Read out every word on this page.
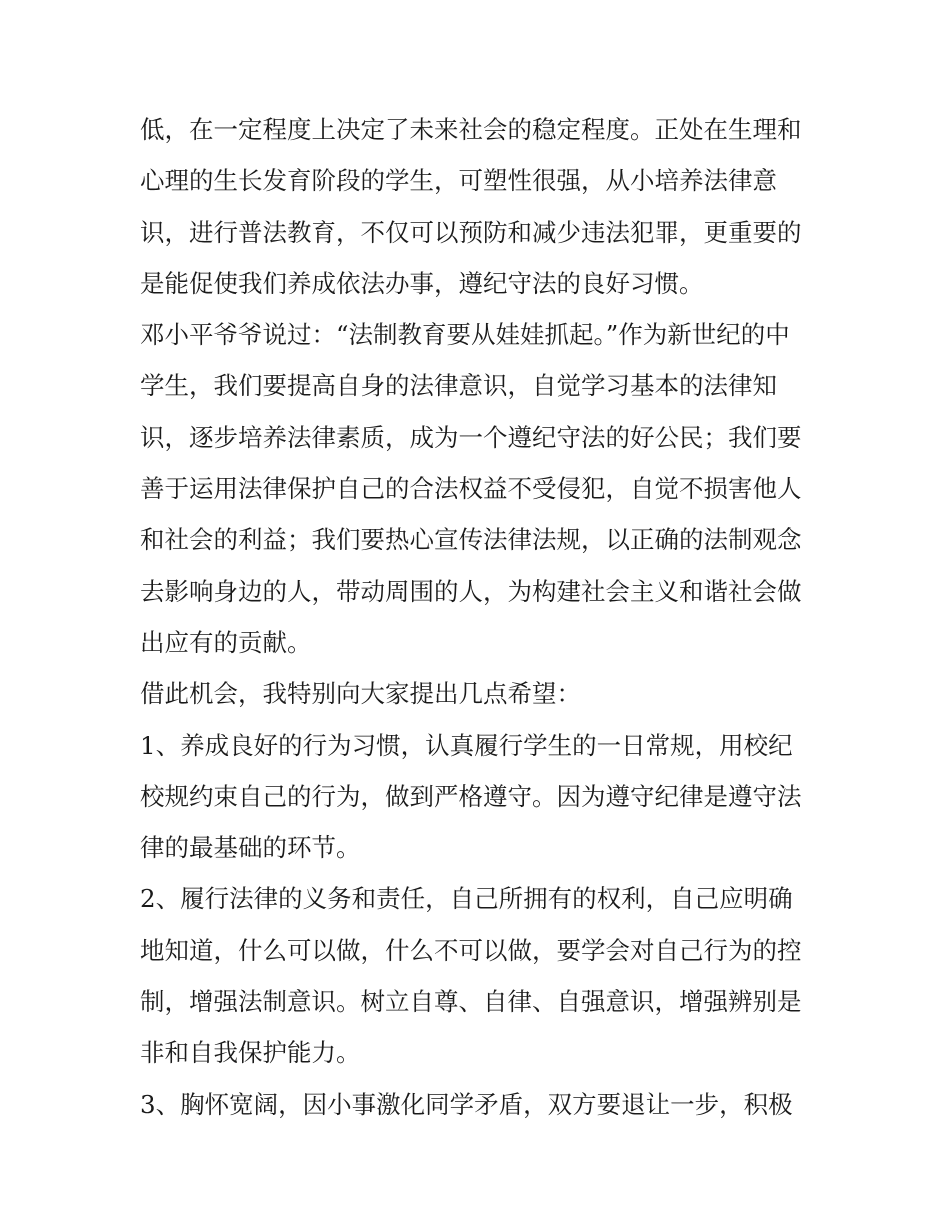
低，在一定程度上决定了未来社会的稳定程度。正处在生理和
心理的生长发育阶段的学生，可塑性很强，从小培养法律意
识，进行普法教育，不仅可以预防和减少违法犯罪，更重要的
是能促使我们养成依法办事，遵纪守法的良好习惯。
邓小平爷爷说过：“法制教育要从娃娃抓起。”作为新世纪的中
学生，我们要提高自身的法律意识，自觉学习基本的法律知
识，逐步培养法律素质，成为一个遵纪守法的好公民；我们要
善于运用法律保护自己的合法权益不受侵犯，自觉不损害他人
和社会的利益；我们要热心宣传法律法规，以正确的法制观念
去影响身边的人，带动周围的人，为构建社会主义和谐社会做
出应有的贡献。
借此机会，我特别向大家提出几点希望：
1、养成良好的行为习惯，认真履行学生的一日常规，用校纪
校规约束自己的行为，做到严格遵守。因为遵守纪律是遵守法
律的最基础的环节。
2、履行法律的义务和责任，自己所拥有的权利，自己应明确
地知道，什么可以做，什么不可以做，要学会对自己行为的控
制，增强法制意识。树立自尊、自律、自强意识，增强辨别是
非和自我保护能力。
3、胸怀宽阔，因小事激化同学矛盾，双方要退让一步，积极
